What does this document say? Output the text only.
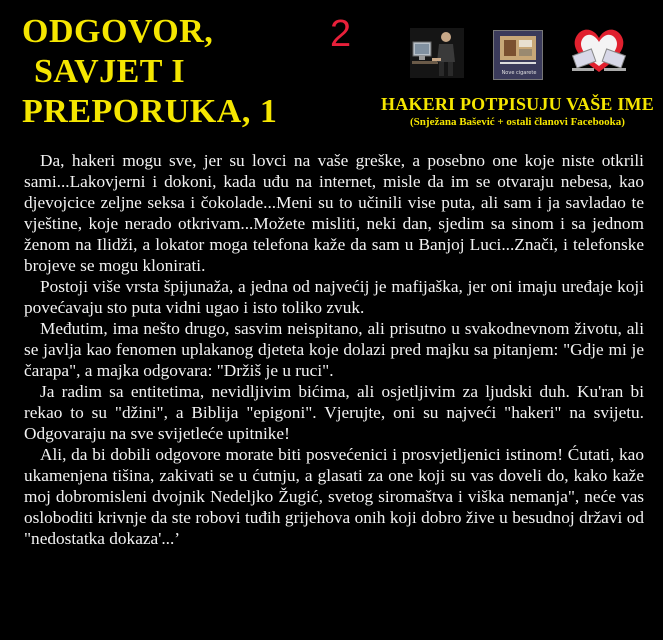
ODGOVOR,
SAVJET I
PREPORUKA, 1
2
Nove cigarete
HAKERI POTPISUJU VAŠE IME
(Snježana Bašević + ostali članovi Facebooka)

Da, hakeri mogu sve, jer su lovci na vaše greške, a posebno one koje niste otkrili sami...Lakovjerni i dokoni, kada uđu na internet, misle da im se otvaraju nebesa, kao djevojcice zeljne seksa i čokolade...Meni su to učinili vise puta, ali sam i ja savladao te vještine, koje nerado otkrivam...Možete misliti, neki dan, sjedim sa sinom i sa jednom ženom na Ilidži, a lokator moga telefona kaže da sam u Banjoj Luci...Znači, i telefonske brojeve se mogu klonirati.

Postoji više vrsta špijunaža, a jedna od najvećij je mafijaška, jer oni imaju uređaje koji povećavaju sto puta vidni ugao i isto toliko zvuk.

Međutim, ima nešto drugo, sasvim neispitano, ali prisutno u svakodnevnom životu, ali se javlja kao fenomen uplakanog djeteta koje dolazi pred majku sa pitanjem: "Gdje mi je čarapa", a majka odgovara: "Držiš je u ruci".

Ja radim sa entitetima, nevidljivim bićima, ali osjetljivim za ljudski duh. Ku'ran bi rekao to su "džini", a Biblija "epigoni". Vjerujte, oni su najveći "hakeri" na svijetu. Odgovaraju na sve svijetleće upitnike!

Ali, da bi dobili odgovore morate biti posvećenici i prosvjetljenici istinom! Ćutati, kao ukamenjena tišina, zakivati se u ćutnju, a glasati za one koji su vas doveli do, kako kaže moj dobromisleni dvojnik Nedeljko Žugić, svetog siromaštva i viška nemanja", neće vas osloboditi krivnje da ste robovi tuđih grijehova onih koji dobro žive u besudnoj državi od "nedostatka dokaza'...’
